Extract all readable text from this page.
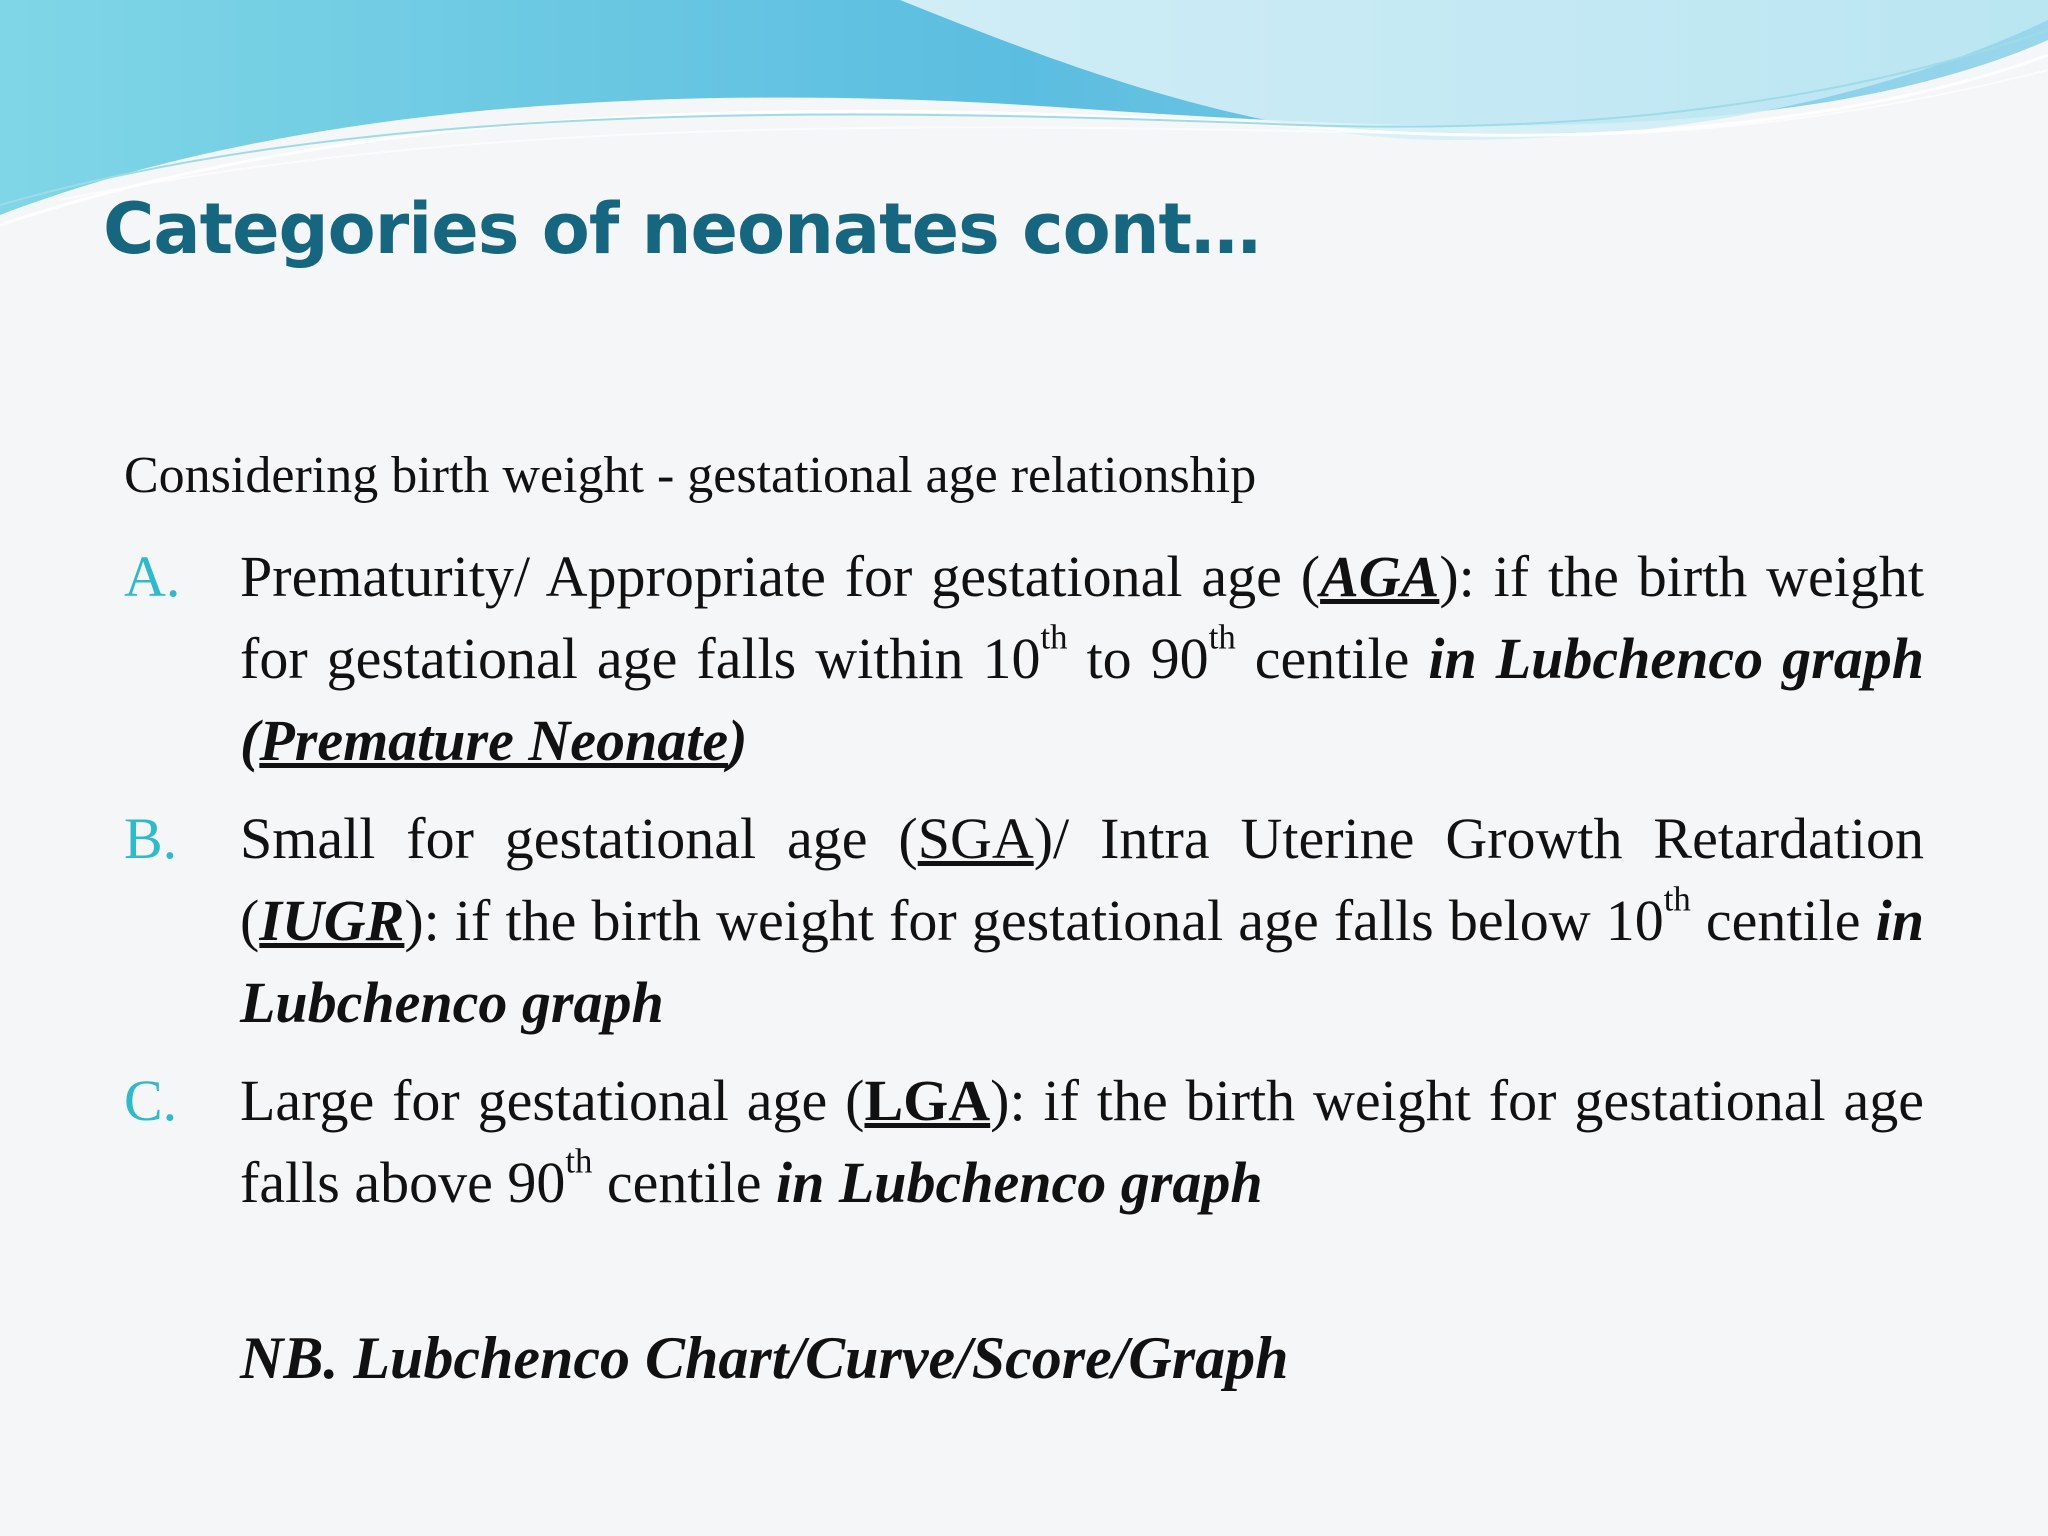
Categories of neonates cont…

Considering birth weight - gestational age relationship

A.	Prematurity/ Appropriate for gestational age (AGA): if the birth weight for gestational age falls within 10th to 90th centile in Lubchenco graph (Premature Neonate)
B.	Small for gestational age (SGA)/ Intra Uterine Growth Retardation (IUGR): if the birth weight for gestational age falls below 10th centile in Lubchenco graph
C.	Large for gestational age (LGA): if the birth weight for gestational age falls above 90th centile in Lubchenco graph

NB. Lubchenco Chart/Curve/Score/Graph
